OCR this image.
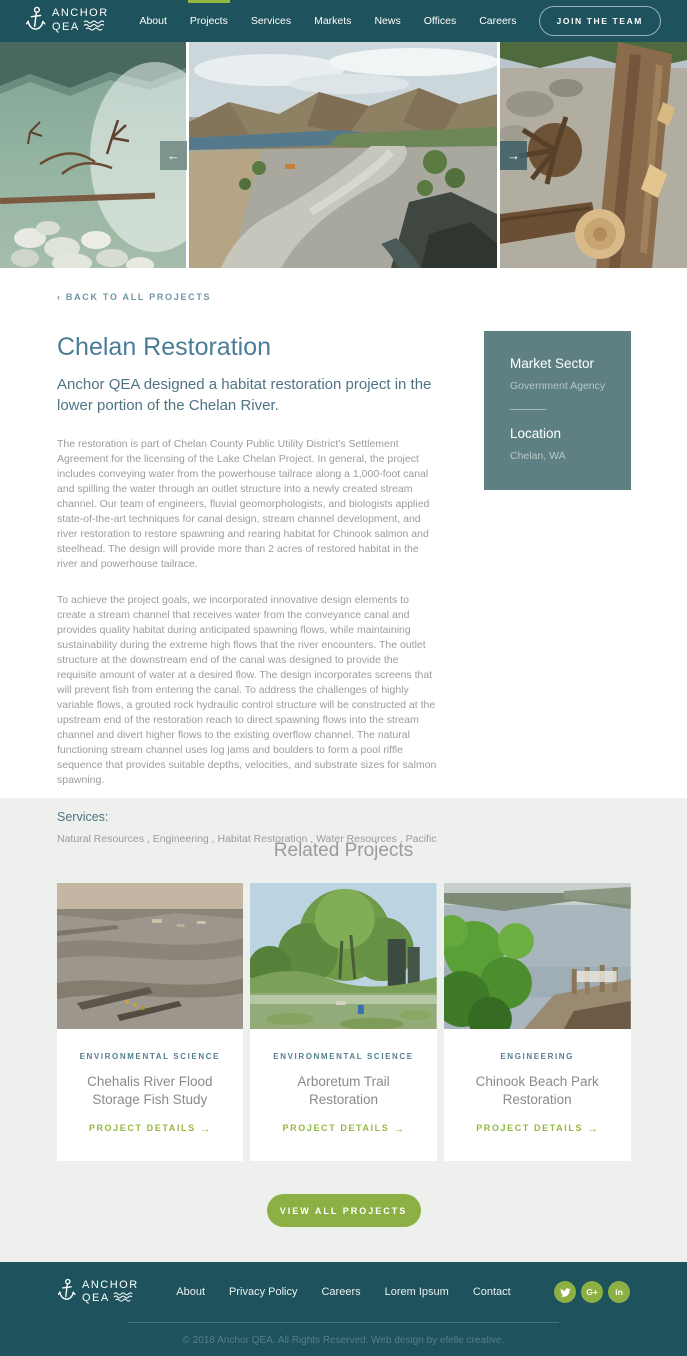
ANCHOR
QEA	About Projects Services Markets News Offices Careers	JOIN THE TEAM
←	→
‹ BACK TO ALL PROJECTS
Chelan Restoration
Anchor QEA designed a habitat restoration project in the lower portion of the Chelan River.

The restoration is part of Chelan County Public Utility District's Settlement Agreement for the licensing of the Lake Chelan Project. In general, the project includes conveying water from the powerhouse tailrace along a 1,000-foot canal and spilling the water through an outlet structure into a newly created stream channel. Our team of engineers, fluvial geomorphologists, and biologists applied state-of-the-art techniques for canal design, stream channel development, and river restoration to restore spawning and rearing habitat for Chinook salmon and steelhead. The design will provide more than 2 acres of restored habitat in the river and powerhouse tailrace.

To achieve the project goals, we incorporated innovative design elements to create a stream channel that receives water from the conveyance canal and provides quality habitat during anticipated spawning flows, while maintaining sustainability during the extreme high flows that the river encounters. The outlet structure at the downstream end of the canal was designed to provide the requisite amount of water at a desired flow. The design incorporates screens that will prevent fish from entering the canal. To address the challenges of highly variable flows, a grouted rock hydraulic control structure will be constructed at the upstream end of the restoration reach to direct spawning flows into the stream channel and divert higher flows to the existing overflow channel. The natural functioning stream channel uses log jams and boulders to form a pool riffle sequence that provides suitable depths, velocities, and substrate sizes for salmon spawning.

Services:
Natural Resources , Engineering , Habitat Restoration , Water Resources , Pacific
Market Sector
Government Agency
Location
Chelan, WA
Related Projects
ENVIRONMENTAL SCIENCE
Chehalis River Flood Storage Fish Study
PROJECT DETAILS →
ENVIRONMENTAL SCIENCE
Arboretum Trail Restoration
PROJECT DETAILS →
ENGINEERING
Chinook Beach Park Restoration
PROJECT DETAILS →
VIEW ALL PROJECTS
ANCHOR
QEA	About Privacy Policy Careers Lorem Ipsum Contact	G+	in
© 2018 Anchor QEA. All Rights Reserved. Web design by efelle creative.
